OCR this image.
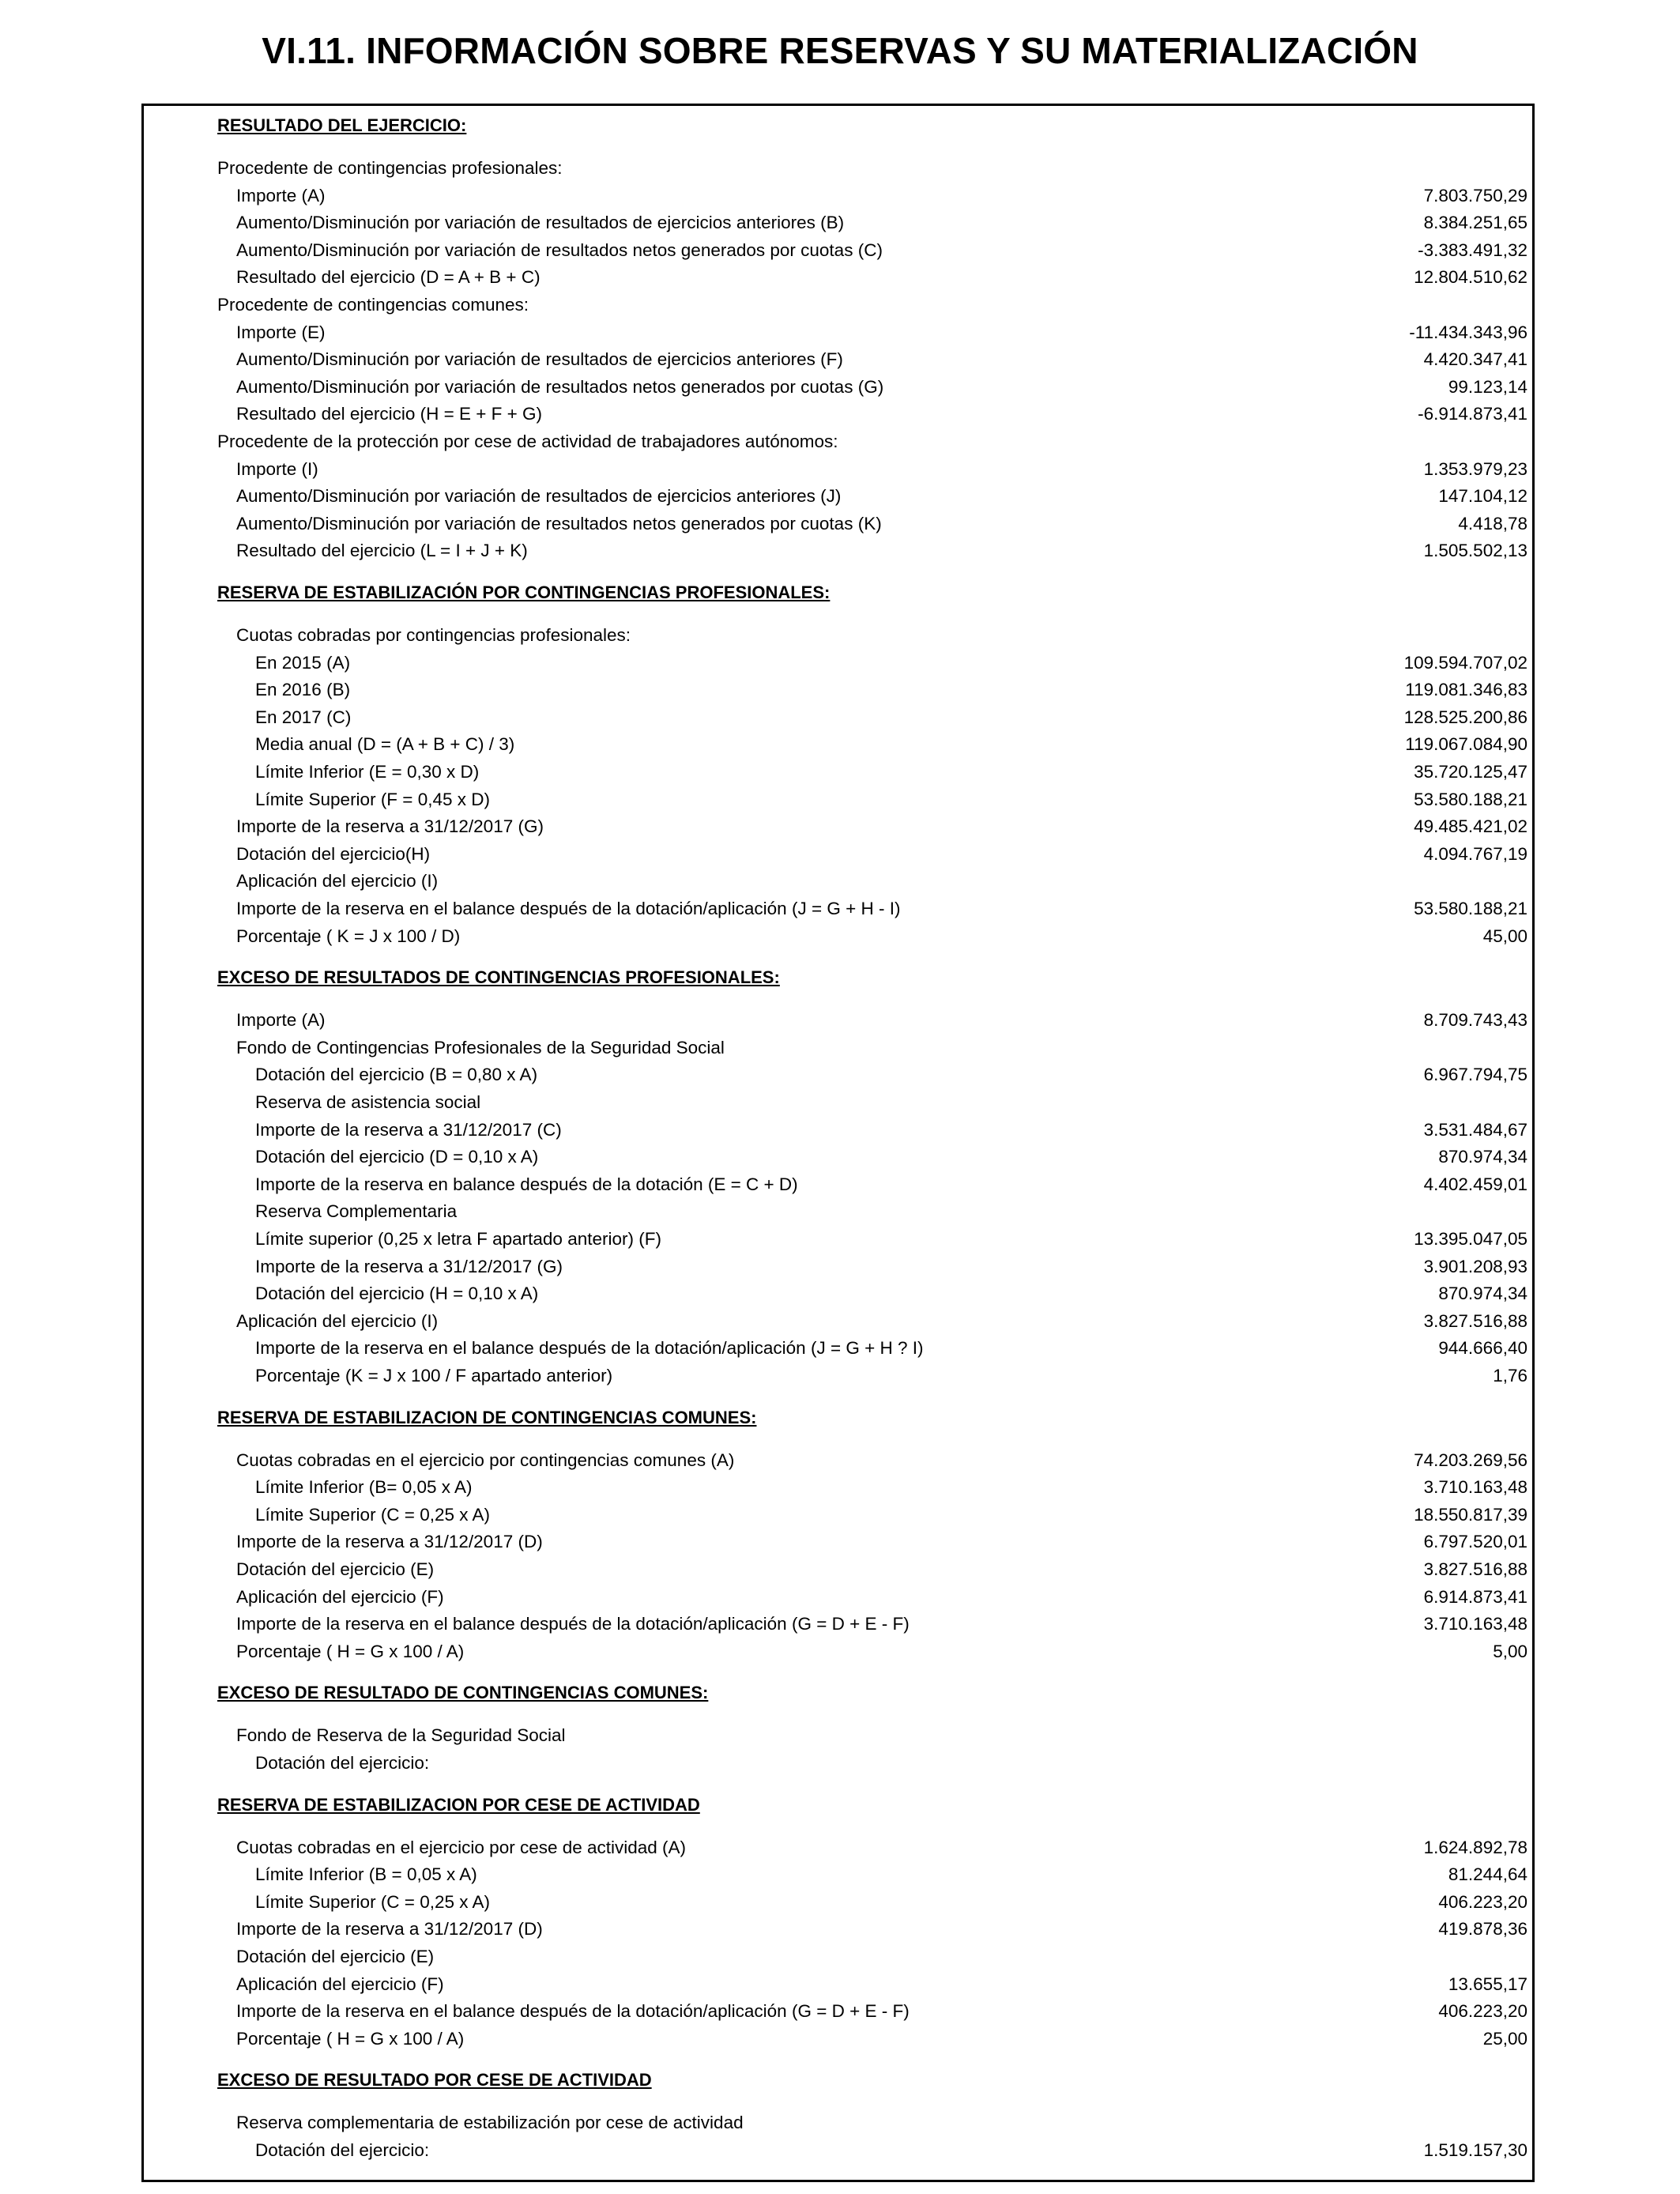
VI.11. INFORMACIÓN SOBRE RESERVAS Y SU MATERIALIZACIÓN
RESULTADO DEL EJERCICIO:
Procedente de contingencias profesionales:
Importe (A)	7.803.750,29
Aumento/Disminución por variación de resultados de ejercicios anteriores (B)	8.384.251,65
Aumento/Disminución por variación de resultados netos generados por cuotas (C)	-3.383.491,32
Resultado del ejercicio (D = A + B + C)	12.804.510,62
Procedente de contingencias comunes:
Importe (E)	-11.434.343,96
Aumento/Disminución por variación de resultados de ejercicios anteriores (F)	4.420.347,41
Aumento/Disminución por variación de resultados netos generados por cuotas (G)	99.123,14
Resultado del ejercicio (H = E + F + G)	-6.914.873,41
Procedente de la protección por cese de actividad de trabajadores autónomos:
Importe (I)	1.353.979,23
Aumento/Disminución por variación de resultados de ejercicios anteriores (J)	147.104,12
Aumento/Disminución por variación de resultados netos generados por cuotas (K)	4.418,78
Resultado del ejercicio (L = I + J + K)	1.505.502,13
RESERVA DE ESTABILIZACIÓN POR CONTINGENCIAS PROFESIONALES:
Cuotas cobradas por contingencias profesionales:
En 2015 (A)	109.594.707,02
En 2016 (B)	119.081.346,83
En 2017 (C)	128.525.200,86
Media anual (D = (A + B + C) / 3)	119.067.084,90
Límite Inferior (E = 0,30 x D)	35.720.125,47
Límite Superior (F = 0,45 x D)	53.580.188,21
Importe de la reserva a 31/12/2017 (G)	49.485.421,02
Dotación del ejercicio(H)	4.094.767,19
Aplicación del ejercicio (I)
Importe de la reserva en el balance después de la dotación/aplicación (J = G + H - I)	53.580.188,21
Porcentaje ( K = J x 100 / D)	45,00
EXCESO DE RESULTADOS DE CONTINGENCIAS PROFESIONALES:
Importe (A)	8.709.743,43
Fondo de Contingencias Profesionales de la Seguridad Social
Dotación del ejercicio (B = 0,80 x A)	6.967.794,75
Reserva de asistencia social
Importe de la reserva a 31/12/2017 (C)	3.531.484,67
Dotación del ejercicio (D = 0,10 x A)	870.974,34
Importe de la reserva en balance después de la dotación (E = C + D)	4.402.459,01
Reserva Complementaria
Límite superior (0,25 x letra F apartado anterior) (F)	13.395.047,05
Importe de la reserva a 31/12/2017 (G)	3.901.208,93
Dotación del ejercicio (H = 0,10 x A)	870.974,34
Aplicación del ejercicio (I)	3.827.516,88
Importe de la reserva en el balance después de la dotación/aplicación (J = G + H ? I)	944.666,40
Porcentaje (K = J x 100 / F apartado anterior)	1,76
RESERVA DE ESTABILIZACION DE CONTINGENCIAS COMUNES:
Cuotas cobradas en el ejercicio por contingencias comunes (A)	74.203.269,56
Límite Inferior (B= 0,05 x A)	3.710.163,48
Límite Superior (C = 0,25 x A)	18.550.817,39
Importe de la reserva a 31/12/2017 (D)	6.797.520,01
Dotación del ejercicio (E)	3.827.516,88
Aplicación del ejercicio (F)	6.914.873,41
Importe de la reserva en el balance después de la dotación/aplicación (G = D + E - F)	3.710.163,48
Porcentaje ( H = G x 100 / A)	5,00
EXCESO DE RESULTADO DE CONTINGENCIAS COMUNES:
Fondo de Reserva de la Seguridad Social
Dotación del ejercicio:
RESERVA DE ESTABILIZACION POR CESE DE ACTIVIDAD
Cuotas cobradas en el ejercicio por cese de actividad (A)	1.624.892,78
Límite Inferior (B = 0,05 x A)	81.244,64
Límite Superior (C = 0,25 x A)	406.223,20
Importe de la reserva a 31/12/2017 (D)	419.878,36
Dotación del ejercicio (E)
Aplicación del ejercicio (F)	13.655,17
Importe de la reserva en el balance después de la dotación/aplicación (G = D + E - F)	406.223,20
Porcentaje ( H = G x 100 / A)	25,00
EXCESO DE RESULTADO POR CESE DE ACTIVIDAD
Reserva complementaria de estabilización por cese de actividad
Dotación del ejercicio:	1.519.157,30
